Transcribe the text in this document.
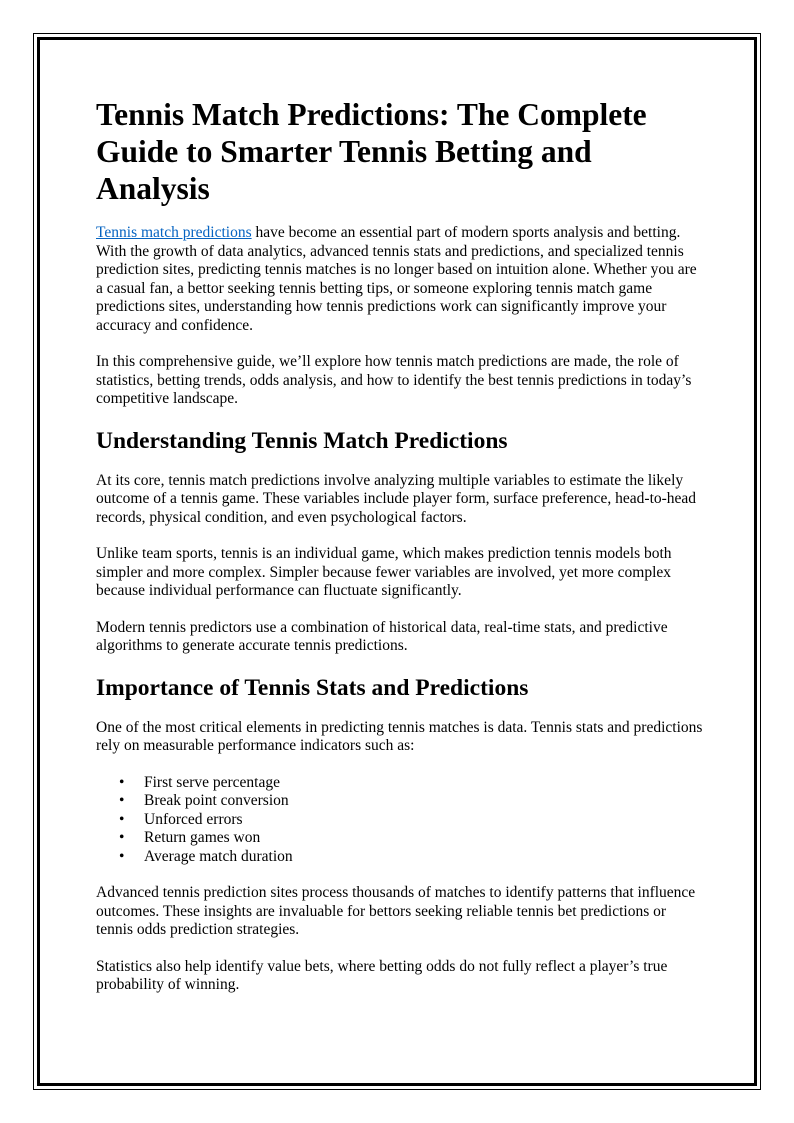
Tennis Match Predictions: The Complete Guide to Smarter Tennis Betting and Analysis

Tennis match predictions have become an essential part of modern sports analysis and betting. With the growth of data analytics, advanced tennis stats and predictions, and specialized tennis prediction sites, predicting tennis matches is no longer based on intuition alone. Whether you are a casual fan, a bettor seeking tennis betting tips, or someone exploring tennis match game predictions sites, understanding how tennis predictions work can significantly improve your accuracy and confidence.

In this comprehensive guide, we’ll explore how tennis match predictions are made, the role of statistics, betting trends, odds analysis, and how to identify the best tennis predictions in today’s competitive landscape.

Understanding Tennis Match Predictions

At its core, tennis match predictions involve analyzing multiple variables to estimate the likely outcome of a tennis game. These variables include player form, surface preference, head-to-head records, physical condition, and even psychological factors.

Unlike team sports, tennis is an individual game, which makes prediction tennis models both simpler and more complex. Simpler because fewer variables are involved, yet more complex because individual performance can fluctuate significantly.

Modern tennis predictors use a combination of historical data, real-time stats, and predictive algorithms to generate accurate tennis predictions.

Importance of Tennis Stats and Predictions

One of the most critical elements in predicting tennis matches is data. Tennis stats and predictions rely on measurable performance indicators such as:

• First serve percentage
• Break point conversion
• Unforced errors
• Return games won
• Average match duration

Advanced tennis prediction sites process thousands of matches to identify patterns that influence outcomes. These insights are invaluable for bettors seeking reliable tennis bet predictions or tennis odds prediction strategies.

Statistics also help identify value bets, where betting odds do not fully reflect a player’s true probability of winning.
